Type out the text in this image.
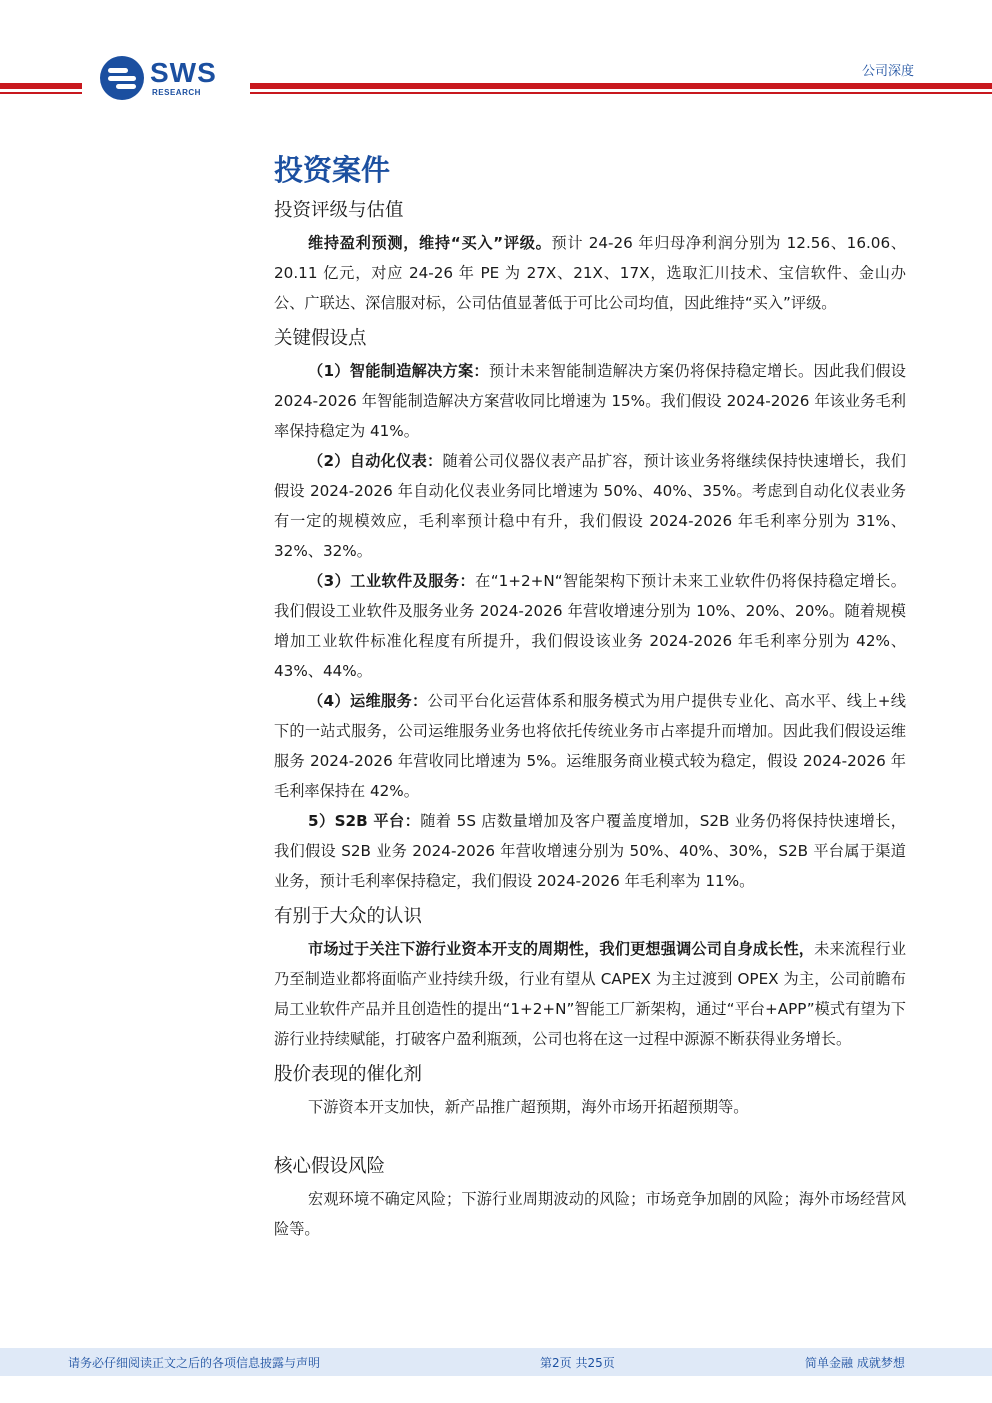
SWS
RESEARCH
公司深度
投资案件
投资评级与估值

维持盈利预测，维持“买入”评级。预计 24-26 年归母净利润分别为 12.56、16.06、20.11 亿元，对应 24-26 年 PE 为 27X、21X、17X，选取汇川技术、宝信软件、金山办公、广联达、深信服对标，公司估值显著低于可比公司均值，因此维持“买入”评级。

关键假设点

（1）智能制造解决方案：预计未来智能制造解决方案仍将保持稳定增长。因此我们假设 2024-2026 年智能制造解决方案营收同比增速为 15%。我们假设 2024-2026 年该业务毛利率保持稳定为 41%。

（2）自动化仪表：随着公司仪器仪表产品扩容，预计该业务将继续保持快速增长，我们假设 2024-2026 年自动化仪表业务同比增速为 50%、40%、35%。考虑到自动化仪表业务有一定的规模效应，毛利率预计稳中有升，我们假设 2024-2026 年毛利率分别为 31%、32%、32%。

（3）工业软件及服务：在“1+2+N“智能架构下预计未来工业软件仍将保持稳定增长。我们假设工业软件及服务业务 2024-2026 年营收增速分别为 10%、20%、20%。随着规模增加工业软件标准化程度有所提升，我们假设该业务 2024-2026 年毛利率分别为 42%、43%、44%。

（4）运维服务：公司平台化运营体系和服务模式为用户提供专业化、高水平、线上+线下的一站式服务，公司运维服务业务也将依托传统业务市占率提升而增加。因此我们假设运维服务 2024-2026 年营收同比增速为 5%。运维服务商业模式较为稳定，假设 2024-2026 年毛利率保持在 42%。

5）S2B 平台：随着 5S 店数量增加及客户覆盖度增加，S2B 业务仍将保持快速增长，我们假设 S2B 业务 2024-2026 年营收增速分别为 50%、40%、30%，S2B 平台属于渠道业务，预计毛利率保持稳定，我们假设 2024-2026 年毛利率为 11%。

有别于大众的认识

市场过于关注下游行业资本开支的周期性，我们更想强调公司自身成长性，未来流程行业乃至制造业都将面临产业持续升级，行业有望从 CAPEX 为主过渡到 OPEX 为主，公司前瞻布局工业软件产品并且创造性的提出“1+2+N”智能工厂新架构，通过“平台+APP”模式有望为下游行业持续赋能，打破客户盈利瓶颈，公司也将在这一过程中源源不断获得业务增长。

股价表现的催化剂

下游资本开支加快，新产品推广超预期，海外市场开拓超预期等。

核心假设风险

宏观环境不确定风险；下游行业周期波动的风险；市场竞争加剧的风险；海外市场经营风险等。

请务必仔细阅读正文之后的各项信息披露与声明	第2页 共25页	简单金融 成就梦想
